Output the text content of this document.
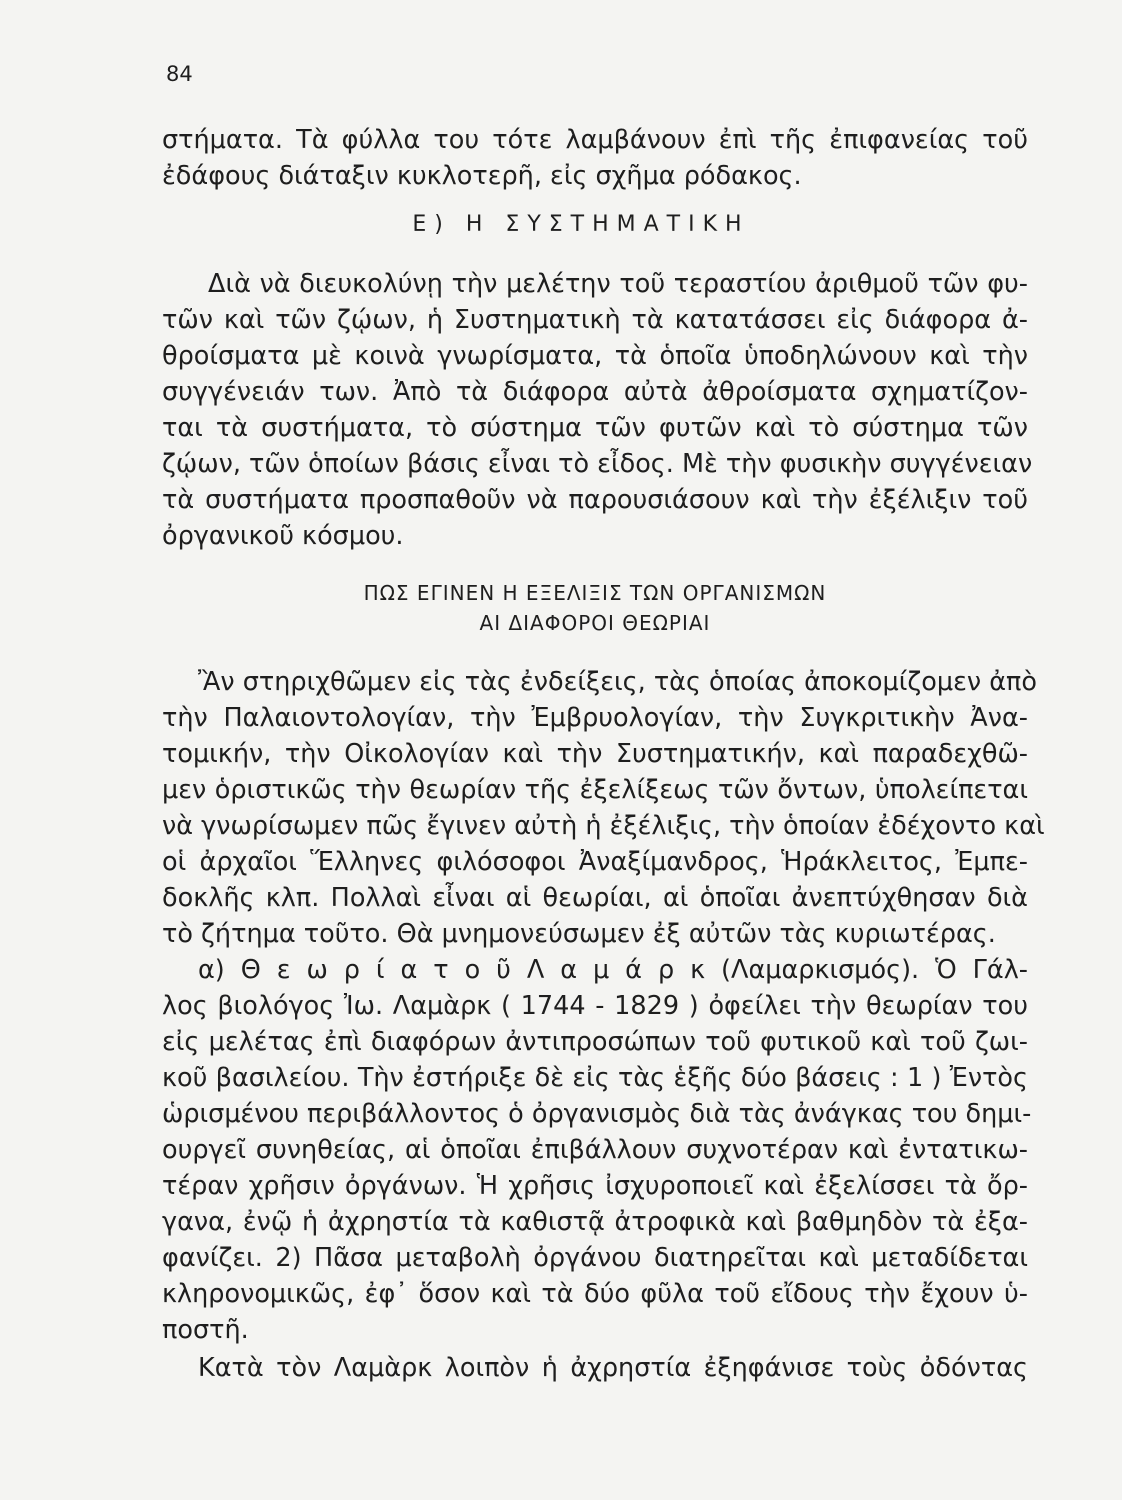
84
στήματα. Τὰ φύλλα του τότε λαμβάνουν ἐπὶ τῆς ἐπιφανείας τοῦ
ἐδάφους διάταξιν κυκλοτερῆ, εἰς σχῆμα ρόδακος.
Ε) Η ΣΥΣΤΗΜΑΤΙΚΗ
Διὰ νὰ διευκολύνῃ τὴν μελέτην τοῦ τεραστίου ἀριθμοῦ τῶν φυ-
τῶν καὶ τῶν ζῴων, ἡ Συστηματικὴ τὰ κατατάσσει εἰς διάφορα ἀ-
θροίσματα μὲ κοινὰ γνωρίσματα, τὰ ὁποῖα ὑποδηλώνουν καὶ τὴν
συγγένειάν των. Ἀπὸ τὰ διάφορα αὐτὰ ἀθροίσματα σχηματίζον-
ται τὰ συστήματα, τὸ σύστημα τῶν φυτῶν καὶ τὸ σύστημα τῶν
ζῴων, τῶν ὁποίων βάσις εἶναι τὸ εἶδος. Μὲ τὴν φυσικὴν συγγένειαν
τὰ συστήματα προσπαθοῦν νὰ παρουσιάσουν καὶ τὴν ἐξέλιξιν τοῦ
ὀργανικοῦ κόσμου.
ΠΩΣ ΕΓΙΝΕΝ Η ΕΞΕΛΙΞΙΣ ΤΩΝ ΟΡΓΑΝΙΣΜΩΝ
ΑΙ ΔΙΑΦΟΡΟΙ ΘΕΩΡΙΑΙ
Ἂν στηριχθῶμεν εἰς τὰς ἐνδείξεις, τὰς ὁποίας ἀποκομίζομεν ἀπὸ
τὴν Παλαιοντολογίαν, τὴν Ἐμβρυολογίαν, τὴν Συγκριτικὴν Ἀνα-
τομικήν, τὴν Οἰκολογίαν καὶ τὴν Συστηματικήν, καὶ παραδεχθῶ-
μεν ὁριστικῶς τὴν θεωρίαν τῆς ἐξελίξεως τῶν ὄντων, ὑπολείπεται
νὰ γνωρίσωμεν πῶς ἔγινεν αὐτὴ ἡ ἐξέλιξις, τὴν ὁποίαν ἐδέχοντο καὶ
οἱ ἀρχαῖοι Ἕλληνες φιλόσοφοι Ἀναξίμανδρος, Ἡράκλειτος, Ἐμπε-
δοκλῆς κλπ. Πολλαὶ εἶναι αἱ θεωρίαι, αἱ ὁποῖαι ἀνεπτύχθησαν διὰ
τὸ ζήτημα τοῦτο. Θὰ μνημονεύσωμεν ἐξ αὐτῶν τὰς κυριωτέρας.
α) Θ ε ω ρ ί α τ ο ῦ Λ α μ ά ρ κ (Λαμαρκισμός). Ὁ Γάλ-
λος βιολόγος Ἰω. Λαμὰρκ ( 1744 - 1829 ) ὀφείλει τὴν θεωρίαν του
εἰς μελέτας ἐπὶ διαφόρων ἀντιπροσώπων τοῦ φυτικοῦ καὶ τοῦ ζωι-
κοῦ βασιλείου. Τὴν ἐστήριξε δὲ εἰς τὰς ἑξῆς δύο βάσεις : 1 ) Ἐντὸς
ὡρισμένου περιβάλλοντος ὁ ὀργανισμὸς διὰ τὰς ἀνάγκας του δημι-
ουργεῖ συνηθείας, αἱ ὁποῖαι ἐπιβάλλουν συχνοτέραν καὶ ἐντατικω-
τέραν χρῆσιν ὀργάνων. Ἡ χρῆσις ἰσχυροποιεῖ καὶ ἐξελίσσει τὰ ὄρ-
γανα, ἐνῷ ἡ ἀχρηστία τὰ καθιστᾷ ἀτροφικὰ καὶ βαθμηδὸν τὰ ἐξα-
φανίζει. 2) Πᾶσα μεταβολὴ ὀργάνου διατηρεῖται καὶ μεταδίδεται
κληρονομικῶς, ἐφ᾽ ὅσον καὶ τὰ δύο φῦλα τοῦ εἴδους τὴν ἔχουν ὑ-
ποστῆ.
Κατὰ τὸν Λαμὰρκ λοιπὸν ἡ ἀχρηστία ἐξηφάνισε τοὺς ὀδόντας
